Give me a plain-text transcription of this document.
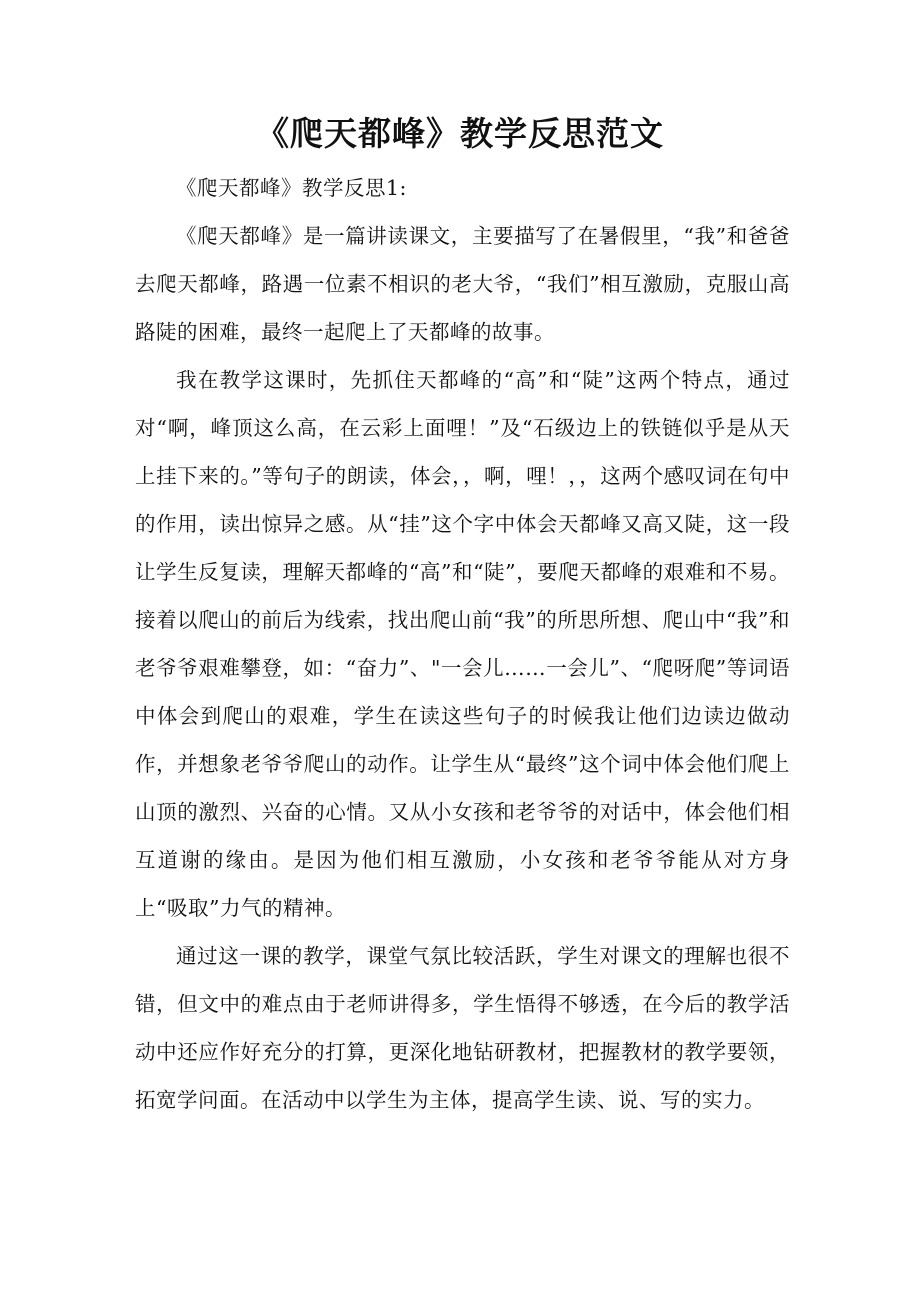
《爬天都峰》教学反思范文

《爬天都峰》教学反思1:

《爬天都峰》是一篇讲读课文，主要描写了在暑假里，“我”和爸爸去爬天都峰，路遇一位素不相识的老大爷，“我们”相互激励，克服山高路陡的困难，最终一起爬上了天都峰的故事。

我在教学这课时，先抓住天都峰的“高”和“陡”这两个特点，通过对“啊，峰顶这么高，在云彩上面哩！”及“石级边上的铁链似乎是从天上挂下来的。”等句子的朗读，体会，，啊，哩！，，这两个感叹词在句中的作用，读出惊异之感。从“挂”这个字中体会天都峰又高又陡，这一段让学生反复读，理解天都峰的“高”和“陡”，要爬天都峰的艰难和不易。接着以爬山的前后为线索，找出爬山前“我”的所思所想、爬山中“我”和老爷爷艰难攀登，如：“奋力”、"一会儿……一会儿”、“爬呀爬”等词语中体会到爬山的艰难，学生在读这些句子的时候我让他们边读边做动作，并想象老爷爷爬山的动作。让学生从“最终”这个词中体会他们爬上山顶的激烈、兴奋的心情。又从小女孩和老爷爷的对话中，体会他们相互道谢的缘由。是因为他们相互激励，小女孩和老爷爷能从对方身上“吸取”力气的精神。

通过这一课的教学，课堂气氛比较活跃，学生对课文的理解也很不错，但文中的难点由于老师讲得多，学生悟得不够透，在今后的教学活动中还应作好充分的打算，更深化地钻研教材，把握教材的教学要领，拓宽学问面。在活动中以学生为主体，提高学生读、说、写的实力。
